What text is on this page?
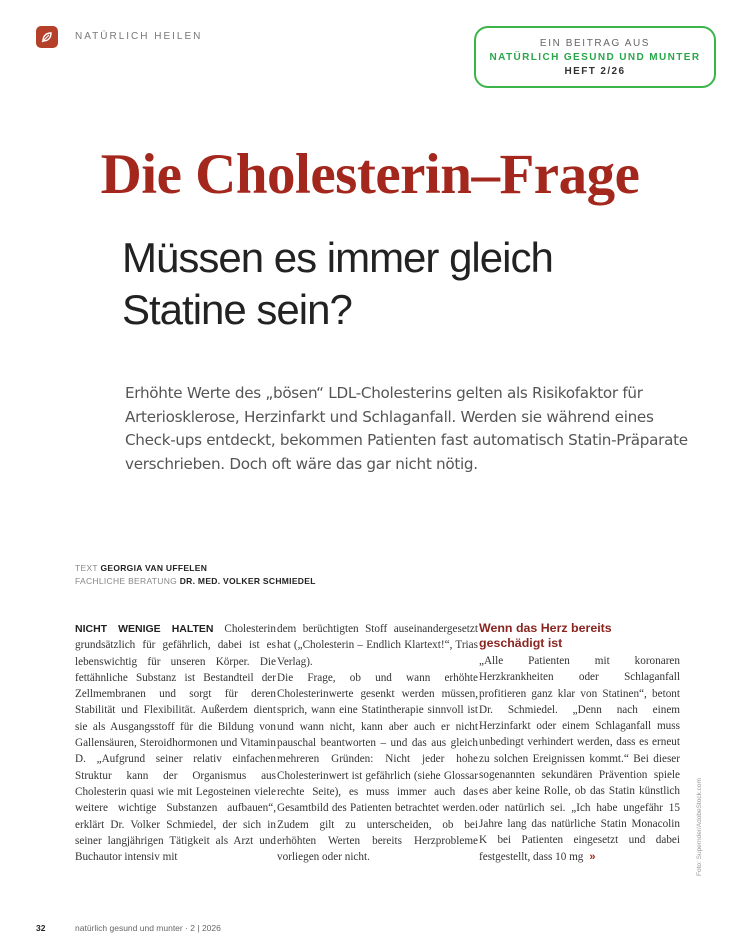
NATÜRLICH HEILEN
EIN BEITRAG AUS
NATÜRLICH GESUND UND MUNTER
HEFT 2/26
Die Cholesterin–Frage
Müssen es immer gleich
Statine sein?

Erhöhte Werte des „bösen“ LDL-Cholesterins gelten als Risikofaktor für Arteriosklerose, Herzinfarkt und Schlaganfall. Werden sie während eines Check-ups entdeckt, bekommen Patienten fast automatisch Statin-Präparate verschrieben. Doch oft wäre das gar nicht nötig.

TEXT GEORGIA VAN UFFELEN
FACHLICHE BERATUNG DR. MED. VOLKER SCHMIEDEL
NICHT WENIGE HALTEN Cholesterin grundsätzlich für gefährlich, dabei ist es lebenswichtig für unseren Körper. Die fettähnliche Substanz ist Bestandteil der Zellmembranen und sorgt für deren Stabilität und Flexibilität. Außerdem dient sie als Ausgangsstoff für die Bildung von Gallensäuren, Steroidhormonen und Vitamin D. „Aufgrund seiner relativ einfachen Struktur kann der Organismus aus Cholesterin quasi wie mit Legosteinen viele weitere wichtige Substanzen aufbauen“, erklärt Dr. Volker Schmiedel, der sich in seiner langjährigen Tätigkeit als Arzt und Buchautor intensiv mit
dem berüchtigten Stoff auseinandergesetzt hat („Cholesterin – Endlich Klartext!“, Trias Verlag).
Die Frage, ob und wann erhöhte Cholesterinwerte gesenkt werden müssen, sprich, wann eine Statintherapie sinnvoll ist und wann nicht, kann aber auch er nicht pauschal beantworten – und das aus gleich mehreren Gründen: Nicht jeder hohe Cholesterinwert ist gefährlich (siehe Glossar rechte Seite), es muss immer auch das Gesamtbild des Patienten betrachtet werden. Zudem gilt zu unterscheiden, ob bei erhöhten Werten bereits Herzprobleme vorliegen oder nicht.
Wenn das Herz bereits geschädigt ist
„Alle Patienten mit koronaren Herzkrankheiten oder Schlaganfall profitieren ganz klar von Statinen“, betont Dr. Schmiedel. „Denn nach einem Herzinfarkt oder einem Schlaganfall muss unbedingt verhindert werden, dass es erneut zu solchen Ereignissen kommt.“ Bei dieser sogenannten sekundären Prävention spiele es aber keine Rolle, ob das Statin künstlich oder natürlich sei. „Ich habe ungefähr 15 Jahre lang das natürliche Statin Monacolin K bei Patienten eingesetzt und dabei festgestellt, dass 10 mg »	Foto: Supernder/AdobeStock.com
32	natürlich gesund und munter · 2 | 2026
